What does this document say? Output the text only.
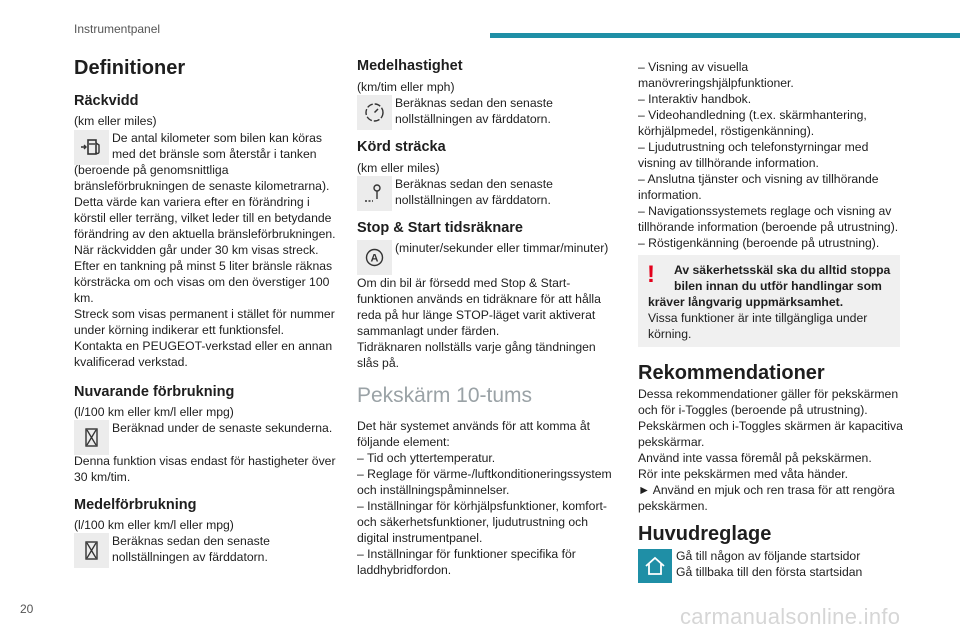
Instrumentpanel
20	carmanualsonline.info
Definitioner
Räckvidd
(km eller miles)
De antal kilometer som bilen kan köras
med det bränsle som återstår i tanken
(beroende på genomsnittliga
bränsleförbrukningen de senaste kilometrarna).
Detta värde kan variera efter en förändring i
körstil eller terräng, vilket leder till en betydande
förändring av den aktuella bränsleförbrukningen.
När räckvidden går under 30 km visas streck.
Efter en tankning på minst 5 liter bränsle räknas
körsträcka om och visas om den överstiger 100
km.
Streck som visas permanent i stället för nummer
under körning indikerar ett funktionsfel.
Kontakta en PEUGEOT-verkstad eller en annan
kvalificerad verkstad.
Nuvarande förbrukning
(l/100 km eller km/l eller mpg)
Beräknad under de senaste sekunderna.
Denna funktion visas endast för hastigheter över
30 km/tim.
Medelförbrukning
(l/100 km eller km/l eller mpg)
Beräknas sedan den senaste
nollställningen av färddatorn.
Medelhastighet
(km/tim eller mph)
Beräknas sedan den senaste
nollställningen av färddatorn.
Körd sträcka
(km eller miles)
Beräknas sedan den senaste
nollställningen av färddatorn.
Stop & Start tidsräknare
A
(minuter/sekunder eller timmar/minuter)
Om din bil är försedd med Stop & Start-
funktionen används en tidräknare för att hålla
reda på hur länge STOP-läget varit aktiverat
sammanlagt under färden.
Tidräknaren nollställs varje gång tändningen
slås på.
Pekskärm 10-tums
Det här systemet används för att komma åt
följande element:
– Tid och yttertemperatur.
– Reglage för värme-/luftkonditioneringssystem
och inställningspåminnelser.
– Inställningar för körhjälpsfunktioner, komfort-
och säkerhetsfunktioner, ljudutrustning och
digital instrumentpanel.
– Inställningar för funktioner specifika för
laddhybridfordon.
– Visning av visuella
manövreringshjälpfunktioner.
– Interaktiv handbok.
– Videohandledning (t.ex. skärmhantering,
körhjälpmedel, röstigenkänning).
– Ljudutrustning och telefonstyrningar med
visning av tillhörande information.
– Anslutna tjänster och visning av tillhörande
information.
– Navigationssystemets reglage och visning av
tillhörande information (beroende på utrustning).
– Röstigenkänning (beroende på utrustning).
! Av säkerhetsskäl ska du alltid stoppa
bilen innan du utför handlingar som
kräver långvarig uppmärksamhet.
Vissa funktioner är inte tillgängliga under
körning.
Rekommendationer
Dessa rekommendationer gäller för pekskärmen
och för i-Toggles (beroende på utrustning).
Pekskärmen och i-Toggles skärmen är kapacitiva
pekskärmar.
Använd inte vassa föremål på pekskärmen.
Rör inte pekskärmen med våta händer.
► Använd en mjuk och ren trasa för att rengöra
pekskärmen.
Huvudreglage
Gå till någon av följande startsidor
Gå tillbaka till den första startsidan
